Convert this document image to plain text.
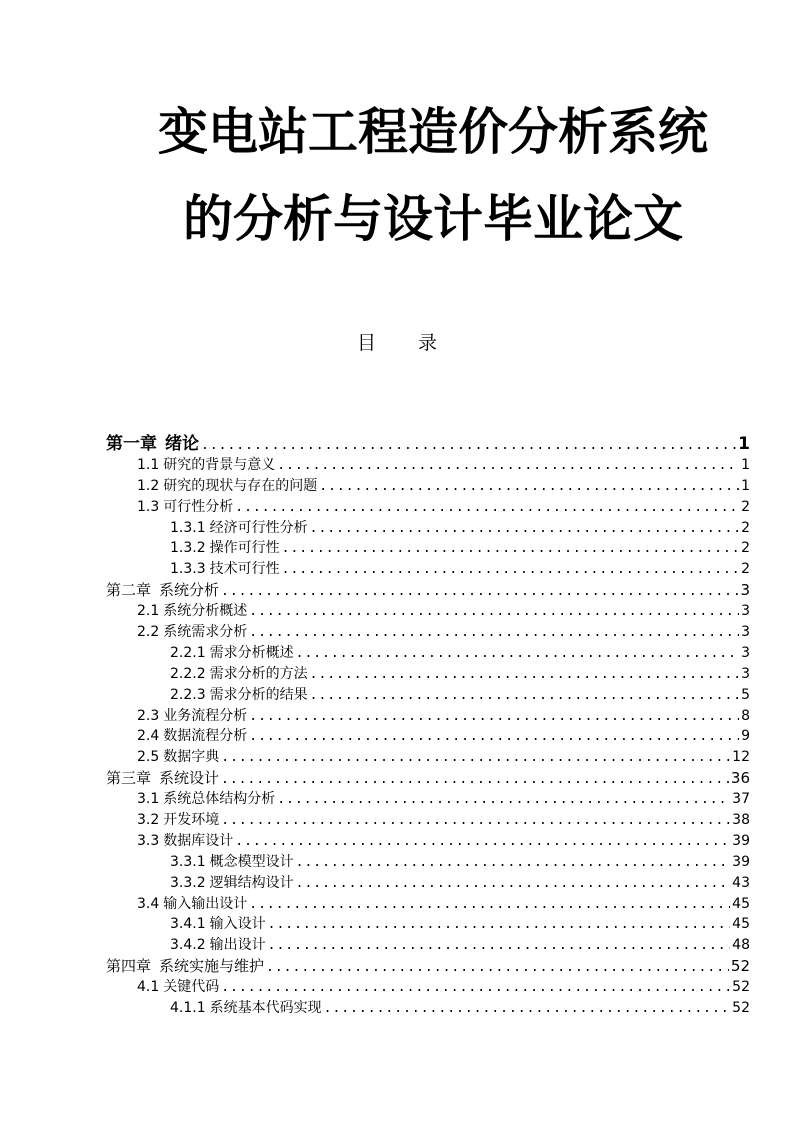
变电站工程造价分析系统
的分析与设计毕业论文
目录
第一章 绪论 .....	1
1.1 研究的背景与意义 .....	1
1.2 研究的现状与存在的问题 .....	1
1.3 可行性分析 .....	2
1.3.1 经济可行性分析 .....	2
1.3.2 操作可行性 .....	2
1.3.3 技术可行性 .....	2
第二章 系统分析 .....	3
2.1 系统分析概述 .....	3
2.2 系统需求分析 .....	3
2.2.1 需求分析概述 .....	3
2.2.2 需求分析的方法 .....	3
2.2.3 需求分析的结果 .....	5
2.3 业务流程分析 .....	8
2.4 数据流程分析 .....	9
2.5 数据字典 .....	12
第三章 系统设计 .....	36
3.1 系统总体结构分析 .....	37
3.2 开发环境 .....	38
3.3 数据库设计 .....	39
3.3.1 概念模型设计 .....	39
3.3.2 逻辑结构设计 .....	43
3.4 输入输出设计 .....	45
3.4.1 输入设计 .....	45
3.4.2 输出设计 .....	48
第四章 系统实施与维护 .....	52
4.1 关键代码 .....	52
4.1.1 系统基本代码实现 .....	52
